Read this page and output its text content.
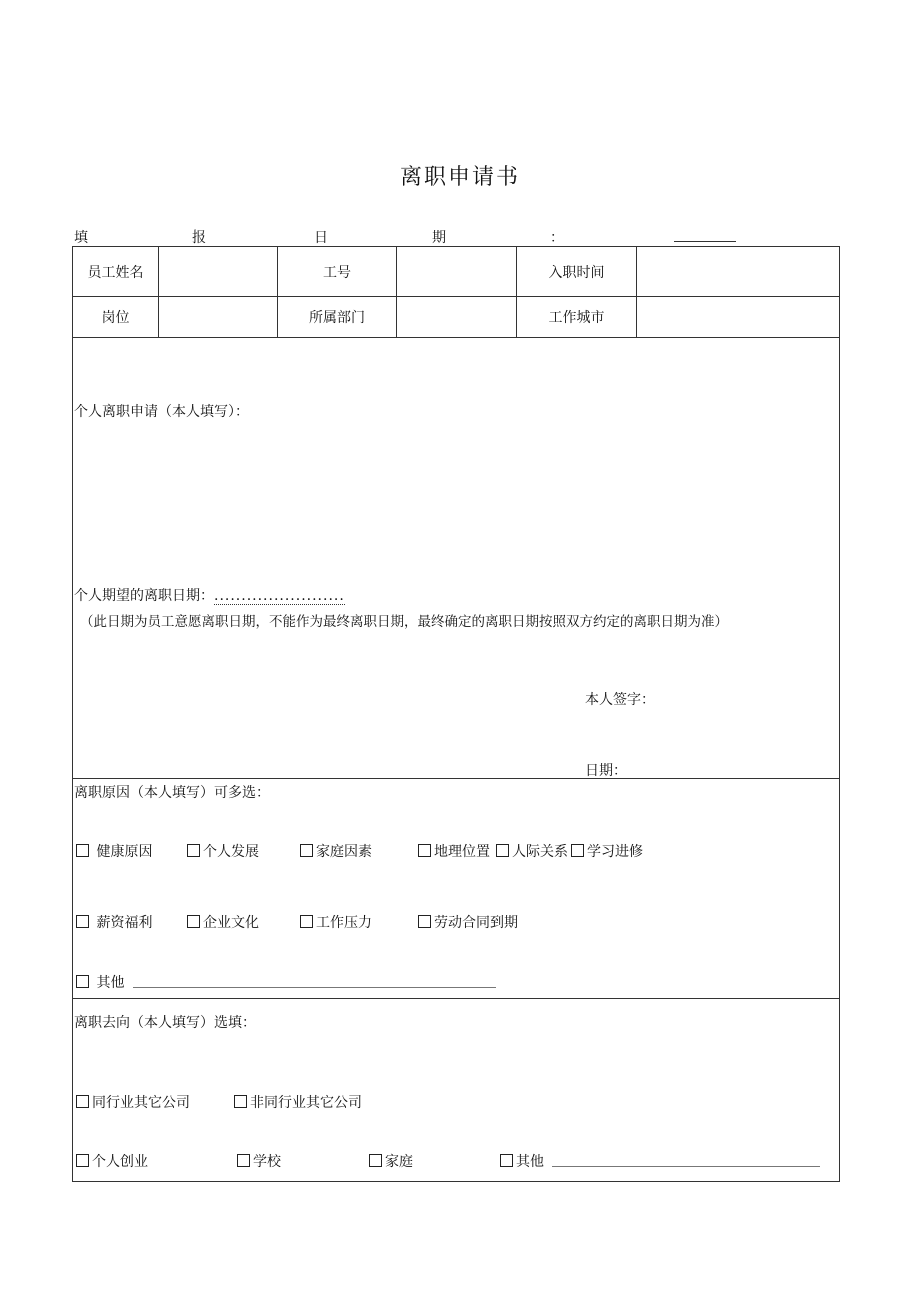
离职申请书
填	报	日	期	：
员工姓名	工号	入职时间
岗位	所属部门	工作城市
个人离职申请（本人填写）：
个人期望的离职日期：........................
（此日期为员工意愿离职日期，不能作为最终离职日期，最终确定的离职日期按照双方约定的离职日期为准）
本人签字：
日期：
离职原因（本人填写）可多选：
健康原因	个人发展	家庭因素	地理位置	人际关系	学习进修
薪资福利	企业文化	工作压力	劳动合同到期
其他
离职去向（本人填写）选填：
同行业其它公司	非同行业其它公司
个人创业	学校	家庭	其他
